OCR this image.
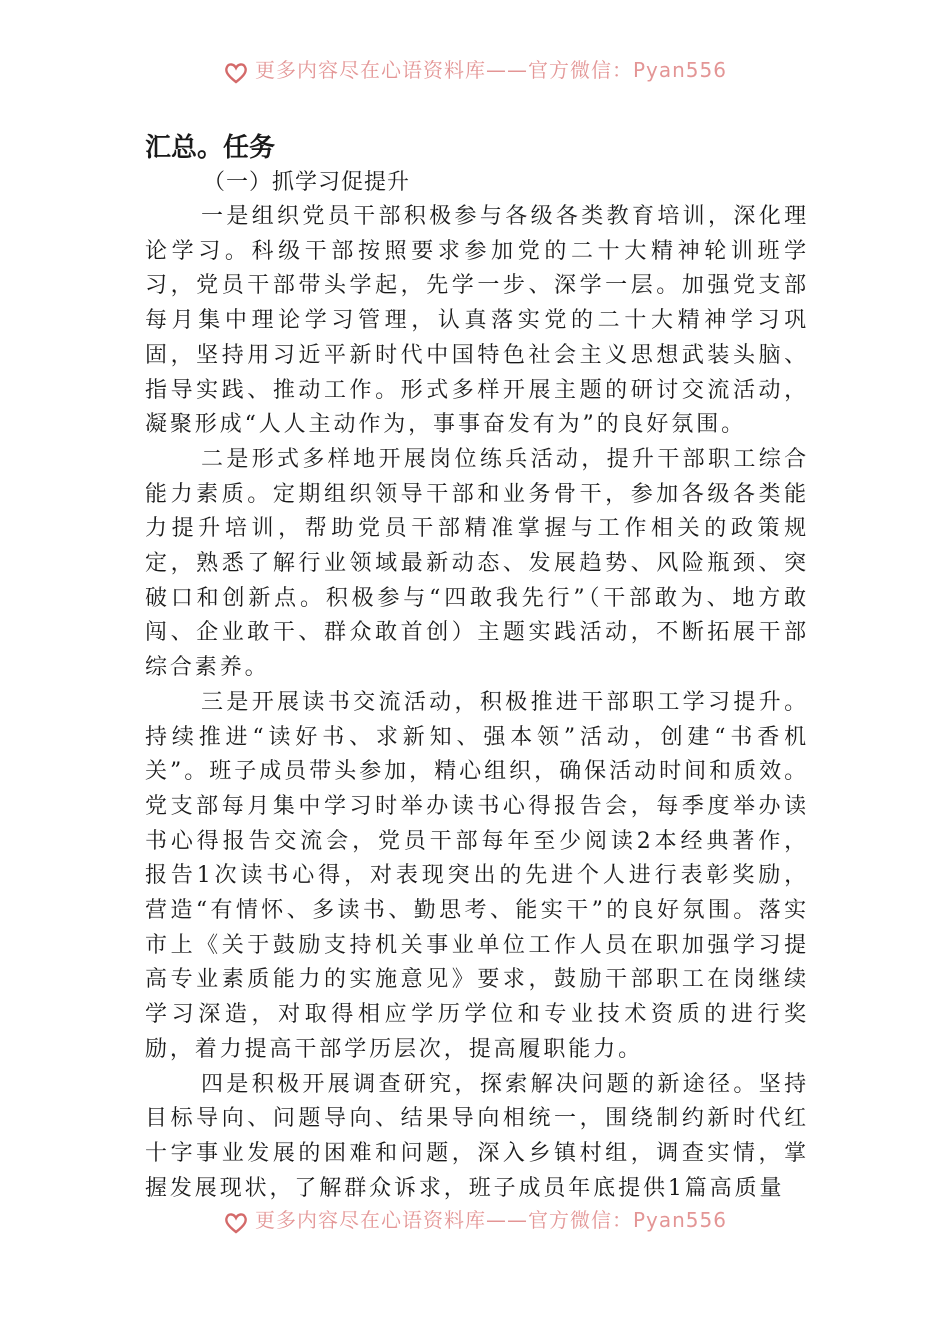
更多内容尽在心语资料库——官方微信：Pyan556

汇总。任务

（一）抓学习促提升

一是组织党员干部积极参与各级各类教育培训，深化理论学习。科级干部按照要求参加党的二十大精神轮训班学习，党员干部带头学起，先学一步、深学一层。加强党支部每月集中理论学习管理，认真落实党的二十大精神学习巩固，坚持用习近平新时代中国特色社会主义思想武装头脑、指导实践、推动工作。形式多样开展主题的研讨交流活动，凝聚形成“人人主动作为，事事奋发有为”的良好氛围。

二是形式多样地开展岗位练兵活动，提升干部职工综合能力素质。定期组织领导干部和业务骨干，参加各级各类能力提升培训，帮助党员干部精准掌握与工作相关的政策规定，熟悉了解行业领域最新动态、发展趋势、风险瓶颈、突破口和创新点。积极参与“四敢我先行”（干部敢为、地方敢闯、企业敢干、群众敢首创）主题实践活动，不断拓展干部综合素养。

三是开展读书交流活动，积极推进干部职工学习提升。持续推进“读好书、求新知、强本领”活动，创建“书香机关”。班子成员带头参加，精心组织，确保活动时间和质效。党支部每月集中学习时举办读书心得报告会，每季度举办读书心得报告交流会，党员干部每年至少阅读2本经典著作，报告1次读书心得，对表现突出的先进个人进行表彰奖励，营造“有情怀、多读书、勤思考、能实干”的良好氛围。落实市上《关于鼓励支持机关事业单位工作人员在职加强学习提高专业素质能力的实施意见》要求，鼓励干部职工在岗继续学习深造，对取得相应学历学位和专业技术资质的进行奖励，着力提高干部学历层次，提高履职能力。

四是积极开展调查研究，探索解决问题的新途径。坚持目标导向、问题导向、结果导向相统一，围绕制约新时代红十字事业发展的困难和问题，深入乡镇村组，调查实情，掌握发展现状，了解群众诉求，班子成员年底提供1篇高质量

更多内容尽在心语资料库——官方微信：Pyan556
